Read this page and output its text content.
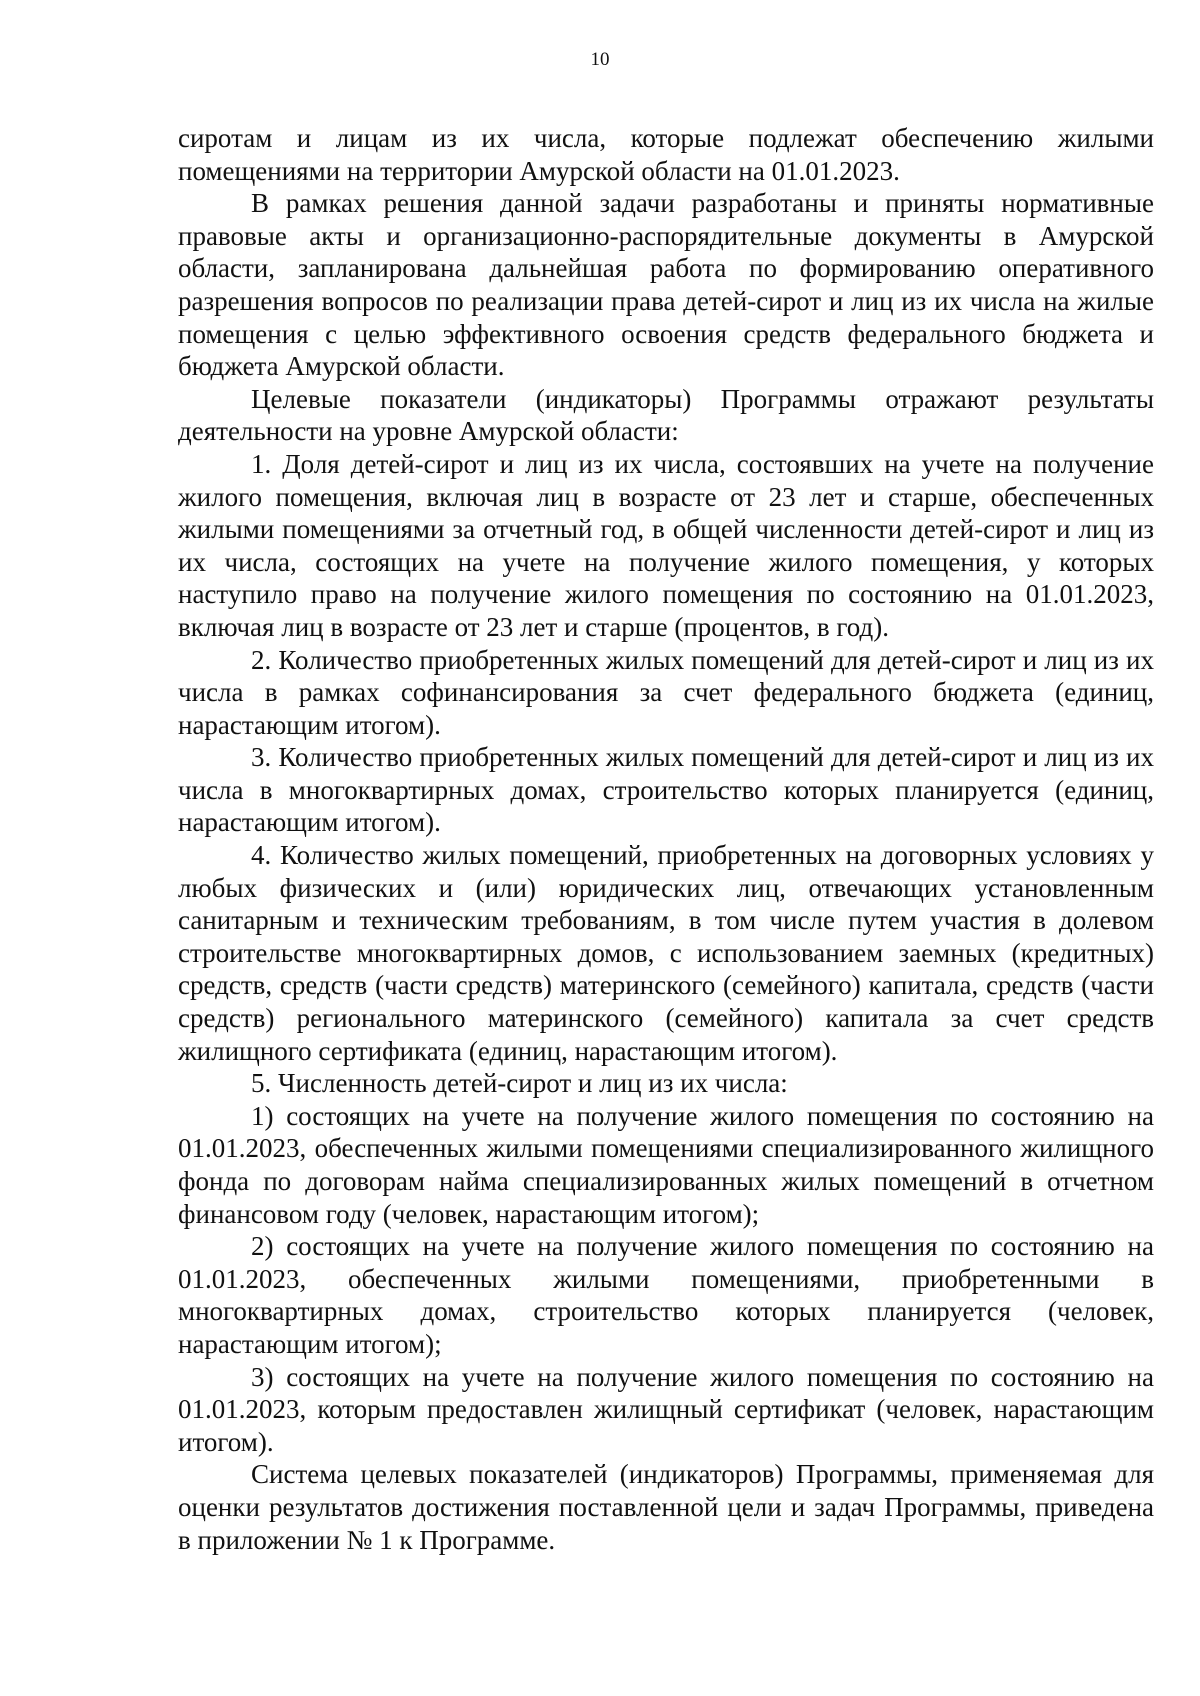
10

сиротам и лицам из их числа, которые подлежат обеспечению жилыми помещениями на территории Амурской области на 01.01.2023.

В рамках решения данной задачи разработаны и приняты нормативные правовые акты и организационно-распорядительные документы в Амурской области, запланирована дальнейшая работа по формированию оперативного разрешения вопросов по реализации права детей-сирот и лиц из их числа на жилые помещения с целью эффективного освоения средств федерального бюджета и бюджета Амурской области.

Целевые показатели (индикаторы) Программы отражают результаты деятельности на уровне Амурской области:

1. Доля детей-сирот и лиц из их числа, состоявших на учете на получение жилого помещения, включая лиц в возрасте от 23 лет и старше, обеспеченных жилыми помещениями за отчетный год, в общей численности детей-сирот и лиц из их числа, состоящих на учете на получение жилого помещения, у которых наступило право на получение жилого помещения по состоянию на 01.01.2023, включая лиц в возрасте от 23 лет и старше (процентов, в год).

2. Количество приобретенных жилых помещений для детей-сирот и лиц из их числа в рамках софинансирования за счет федерального бюджета (единиц, нарастающим итогом).

3. Количество приобретенных жилых помещений для детей-сирот и лиц из их числа в многоквартирных домах, строительство которых планируется (единиц, нарастающим итогом).

4. Количество жилых помещений, приобретенных на договорных условиях у любых физических и (или) юридических лиц, отвечающих установленным санитарным и техническим требованиям, в том числе путем участия в долевом строительстве многоквартирных домов, с использованием заемных (кредитных) средств, средств (части средств) материнского (семейного) капитала, средств (части средств) регионального материнского (семейного) капитала за счет средств жилищного сертификата (единиц, нарастающим итогом).

5. Численность детей-сирот и лиц из их числа:

1) состоящих на учете на получение жилого помещения по состоянию на 01.01.2023, обеспеченных жилыми помещениями специализированного жилищного фонда по договорам найма специализированных жилых помещений в отчетном финансовом году (человек, нарастающим итогом);

2) состоящих на учете на получение жилого помещения по состоянию на 01.01.2023, обеспеченных жилыми помещениями, приобретенными в многоквартирных домах, строительство которых планируется (человек, нарастающим итогом);

3) состоящих на учете на получение жилого помещения по состоянию на 01.01.2023, которым предоставлен жилищный сертификат (человек, нарастающим итогом).

Система целевых показателей (индикаторов) Программы, применяемая для оценки результатов достижения поставленной цели и задач Программы, приведена в приложении № 1 к Программе.
